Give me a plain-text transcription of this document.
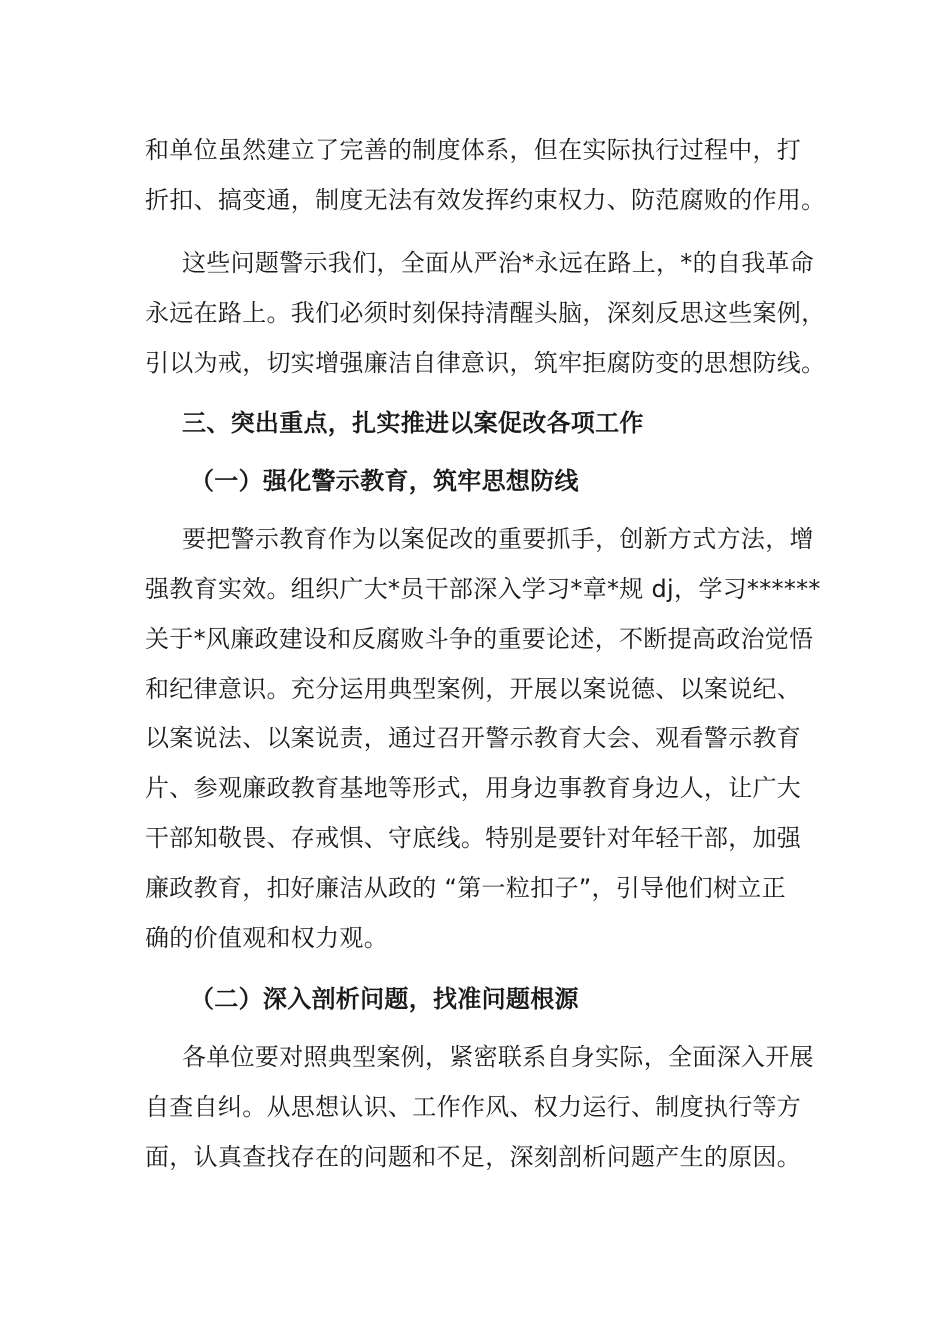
和单位虽然建立了完善的制度体系，但在实际执行过程中，打
折扣、搞变通，制度无法有效发挥约束权力、防范腐败的作用。
这些问题警示我们，全面从严治*永远在路上，*的自我革命
永远在路上。我们必须时刻保持清醒头脑，深刻反思这些案例，
引以为戒，切实增强廉洁自律意识，筑牢拒腐防变的思想防线。
三、突出重点，扎实推进以案促改各项工作
（一）强化警示教育，筑牢思想防线
要把警示教育作为以案促改的重要抓手，创新方式方法，增
强教育实效。组织广大*员干部深入学习*章*规 dj，学习******
关于*风廉政建设和反腐败斗争的重要论述，不断提高政治觉悟
和纪律意识。充分运用典型案例，开展以案说德、以案说纪、
以案说法、以案说责，通过召开警示教育大会、观看警示教育
片、参观廉政教育基地等形式，用身边事教育身边人，让广大
干部知敬畏、存戒惧、守底线。特别是要针对年轻干部，加强
廉政教育，扣好廉洁从政的 “第一粒扣子”，引导他们树立正
确的价值观和权力观。
（二）深入剖析问题，找准问题根源
各单位要对照典型案例，紧密联系自身实际，全面深入开展
自查自纠。从思想认识、工作作风、权力运行、制度执行等方
面，认真查找存在的问题和不足，深刻剖析问题产生的原因。
